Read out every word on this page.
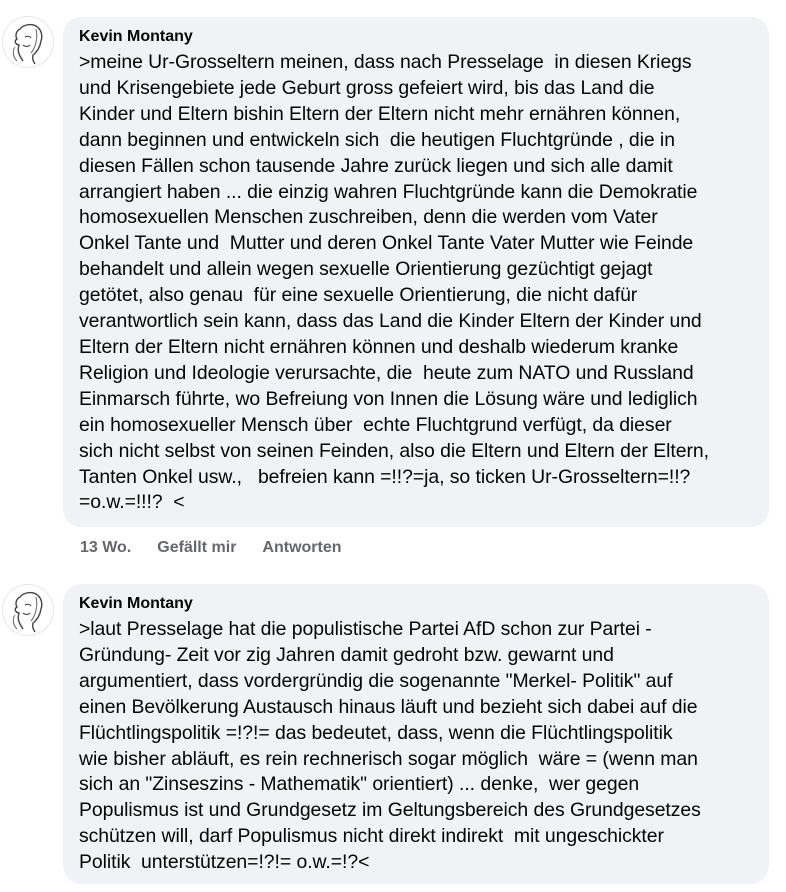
Kevin Montany
>meine Ur-Grosseltern meinen, dass nach Presselage  in diesen Kriegs
und Krisengebiete jede Geburt gross gefeiert wird, bis das Land die
Kinder und Eltern bishin Eltern der Eltern nicht mehr ernähren können,
dann beginnen und entwickeln sich  die heutigen Fluchtgründe , die in
diesen Fällen schon tausende Jahre zurück liegen und sich alle damit
arrangiert haben ... die einzig wahren Fluchtgründe kann die Demokratie
homosexuellen Menschen zuschreiben, denn die werden vom Vater
Onkel Tante und  Mutter und deren Onkel Tante Vater Mutter wie Feinde
behandelt und allein wegen sexuelle Orientierung gezüchtigt gejagt
getötet, also genau  für eine sexuelle Orientierung, die nicht dafür
verantwortlich sein kann, dass das Land die Kinder Eltern der Kinder und
Eltern der Eltern nicht ernähren können und deshalb wiederum kranke
Religion und Ideologie verursachte, die  heute zum NATO und Russland
Einmarsch führte, wo Befreiung von Innen die Lösung wäre und lediglich
ein homosexueller Mensch über  echte Fluchtgrund verfügt, da dieser
sich nicht selbst von seinen Feinden, also die Eltern und Eltern der Eltern,
Tanten Onkel usw.,   befreien kann =!!?=ja, so ticken Ur-Grosseltern=!!?
=o.w.=!!!?  <
13 Wo. Gefällt mir Antworten
Kevin Montany
>laut Presselage hat die populistische Partei AfD schon zur Partei -
Gründung- Zeit vor zig Jahren damit gedroht bzw. gewarnt und
argumentiert, dass vordergründig die sogenannte "Merkel- Politik" auf
einen Bevölkerung Austausch hinaus läuft und bezieht sich dabei auf die
Flüchtlingspolitik =!?!= das bedeutet, dass, wenn die Flüchtlingspolitik
wie bisher abläuft, es rein rechnerisch sogar möglich  wäre = (wenn man
sich an "Zinseszins - Mathematik" orientiert) ... denke,  wer gegen
Populismus ist und Grundgesetz im Geltungsbereich des Grundgesetzes
schützen will, darf Populismus nicht direkt indirekt  mit ungeschickter
Politik  unterstützen=!?!= o.w.=!?<
